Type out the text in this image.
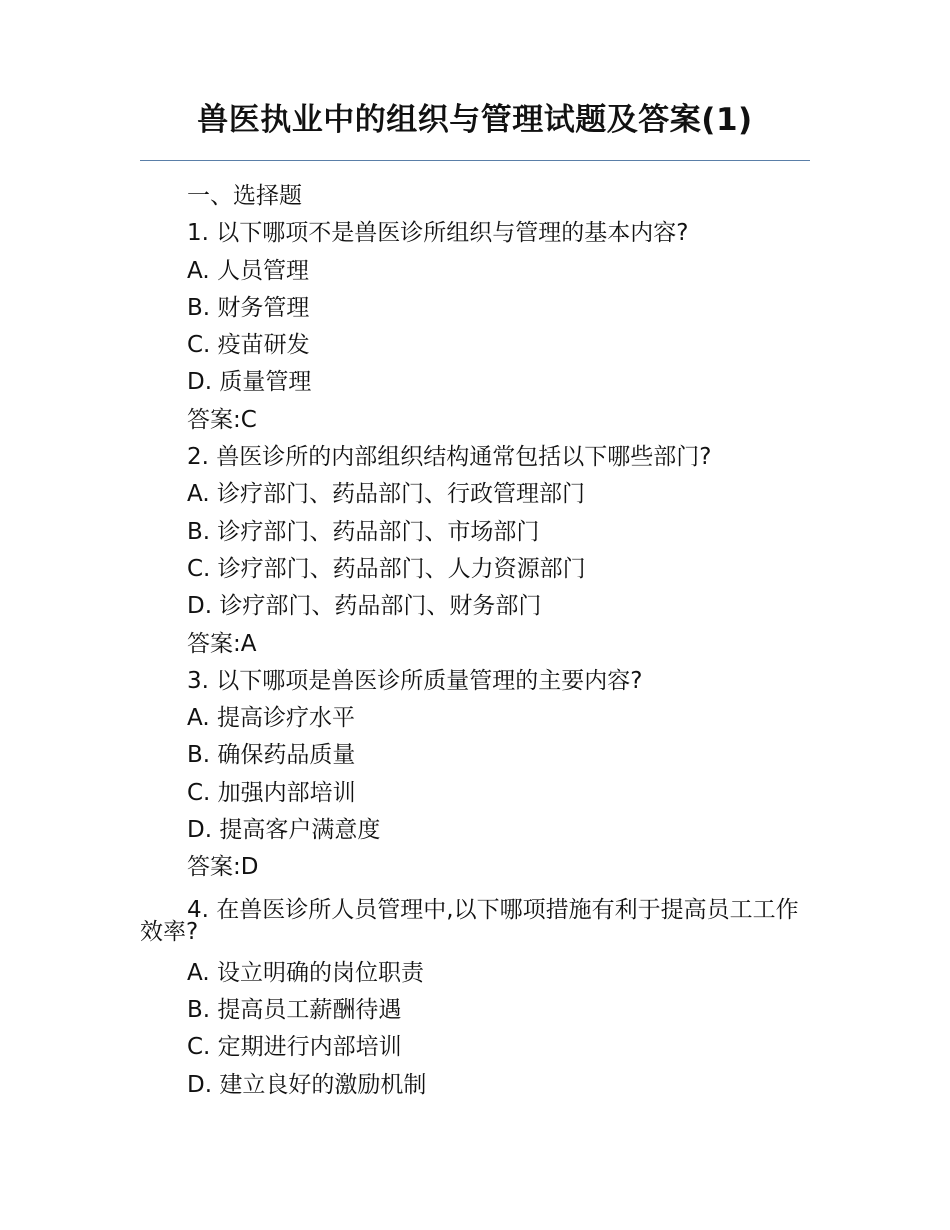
兽医执业中的组织与管理试题及答案(1)
一、选择题
1. 以下哪项不是兽医诊所组织与管理的基本内容?
A. 人员管理
B. 财务管理
C. 疫苗研发
D. 质量管理
答案:C
2. 兽医诊所的内部组织结构通常包括以下哪些部门?
A. 诊疗部门、药品部门、行政管理部门
B. 诊疗部门、药品部门、市场部门
C. 诊疗部门、药品部门、人力资源部门
D. 诊疗部门、药品部门、财务部门
答案:A
3. 以下哪项是兽医诊所质量管理的主要内容?
A. 提高诊疗水平
B. 确保药品质量
C. 加强内部培训
D. 提高客户满意度
答案:D

4. 在兽医诊所人员管理中,以下哪项措施有利于提高员工工作效率?

A. 设立明确的岗位职责
B. 提高员工薪酬待遇
C. 定期进行内部培训
D. 建立良好的激励机制
